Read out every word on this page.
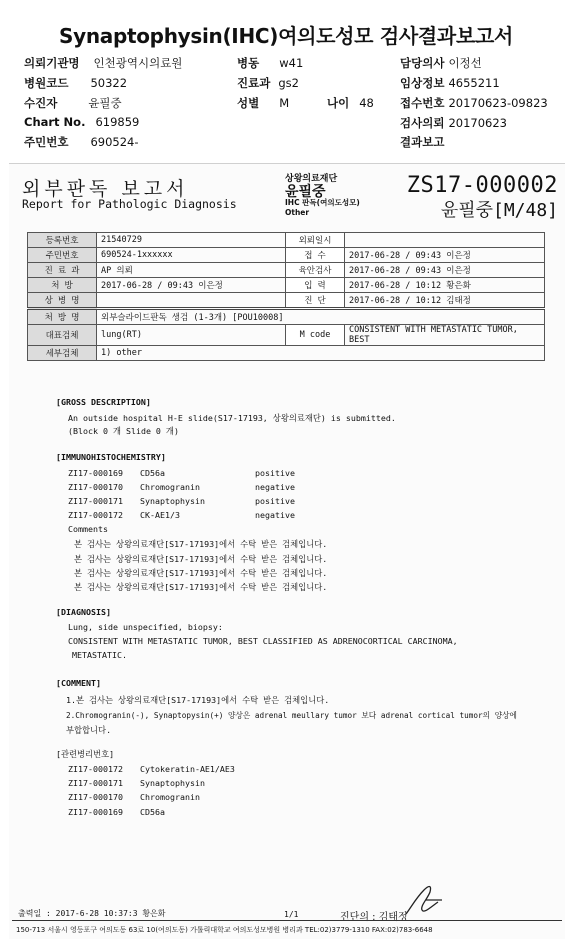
Synaptophysin(IHC)여의도성모 검사결과보고서
의뢰기관명 인천광역시의료원	병동 w41	담당의사 이정선
병원코드 50322	진료과 gs2	임상정보 4655211
수진자	윤필중	성별 M	나이 48 접수번호 20170623-09823
Chart No. 619859	검사의뢰 20170623
주민번호 690524-	결과보고
외부판독 보고서
Report for Pathologic Diagnosis
상왕의료재단
윤필중
IHC 판독(여의도성모)
Other
ZS17-000002
윤필중[M/48]
등록번호	21540729	외뢰일시	
주민번호	690524-1xxxxxx	접 수	2017-06-28 / 09:43 이은정
진 료 과	AP 의뢰	육안검사	2017-06-28 / 09:43 이은정
처 방	2017-06-28 / 09:43 이은정	입 력	2017-06-28 / 10:12 황은화
상 병 명		진 단	2017-06-28 / 10:12 김태정
처 방 명	외부슬라이드판독 생검 (1-3개) [POU10008]		
대표검체	lung(RT)	M code	CONSISTENT WITH METASTATIC TUMOR, BEST
세부검체	1) other		
[GROSS DESCRIPTION]
An outside hospital H-E slide(S17-17193, 상왕의료재단) is submitted.
(Block 0 개 Slide 0 개)
[IMMUNOHISTOCHEMISTRY]
ZI17-000169 CD56a	positive
ZI17-000170 Chromogranin	negative
ZI17-000171 Synaptophysin	positive
ZI17-000172 CK-AE1/3	negative
Comments
본 검사는 상왕의료재단[S17-17193]에서 수탁 받은 검체입니다.
본 검사는 상왕의료재단[S17-17193]에서 수탁 받은 검체입니다.
본 검사는 상왕의료재단[S17-17193]에서 수탁 받은 검체입니다.
본 검사는 상왕의료재단[S17-17193]에서 수탁 받은 검체입니다.
[DIAGNOSIS]
Lung, side unspecified, biopsy:
CONSISTENT WITH METASTATIC TUMOR, BEST CLASSIFIED AS ADRENOCORTICAL CARCINOMA,
METASTATIC.
[COMMENT]
1.본 검사는 상왕의료재단[S17-17193]에서 수탁 받은 검체입니다.
2.Chromogranin(-), Synaptopysin(+) 양상은 adrenal meullary tumor 보다 adrenal cortical tumor의 양상에
부합합니다.
[관련병리번호]
ZI17-000172 Cytokeratin-AE1/AE3
ZI17-000171 Synaptophysin
ZI17-000170 Chromogranin
ZI17-000169 CD56a
출력일 : 2017-6-28 10:37:3 황은화	1/1	진단의 : 김태정
150-713 서울시 영등포구 여의도동 63로 10(여의도동) 가톨릭대학교 여의도성모병원 병리과 TEL:02)3779-1310 FAX:02)783-6648
